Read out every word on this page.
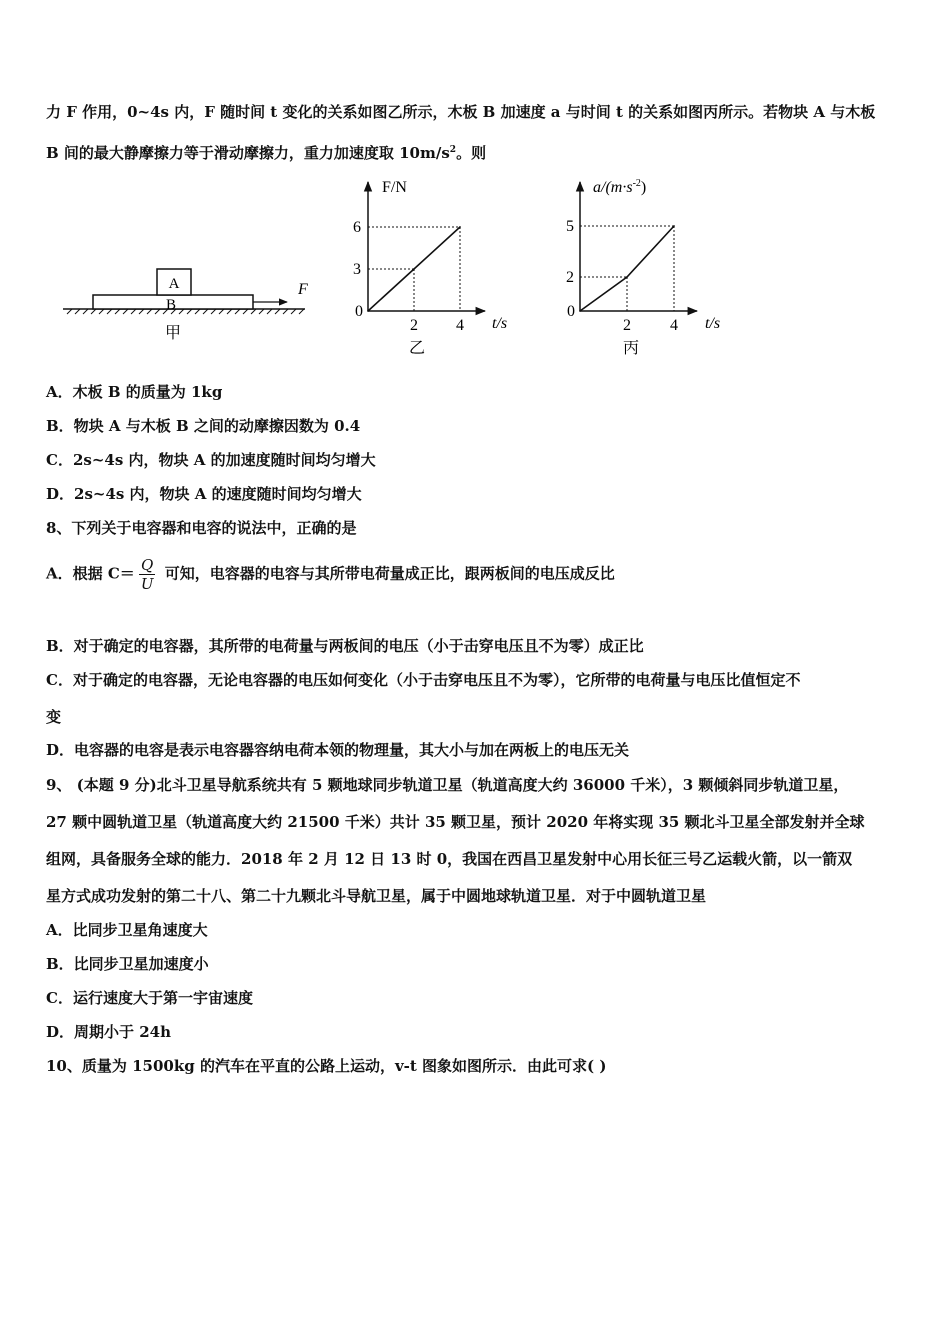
力 F 作用，0~4s 内，F 随时间 t 变化的关系如图乙所示，木板 B 加速度 a 与时间 t 的关系如图丙所示。若物块 A 与木板
B 间的最大静摩擦力等于滑动摩擦力，重力加速度取 $10m/s^2$。则
A
B
F
甲
F/N
t/s
0
3
6
2 4
乙
$a/(m\cdot s^{-2})$
t/s
0
2
5
2 4
丙
A．木板 B 的质量为 1kg
B．物块 A 与木板 B 之间的动摩擦因数为 0.4
C．2s~4s 内，物块 A 的加速度随时间均匀增大
D．2s~4s 内，物块 A 的速度随时间均匀增大
8、下列关于电容器和电容的说法中，正确的是
A．根据 $C= \frac{Q}{U}$ 可知，电容器的电容与其所带电荷量成正比，跟两板间的电压成反比
B．对于确定的电容器，其所带的电荷量与两板间的电压（小于击穿电压且不为零）成正比
C．对于确定的电容器，无论电容器的电压如何变化（小于击穿电压且不为零），它所带的电荷量与电压比值恒定不
变
D．电容器的电容是表示电容器容纳电荷本领的物理量，其大小与加在两板上的电压无关
9、 (本题 9 分)北斗卫星导航系统共有 5 颗地球同步轨道卫星（轨道高度大约 36000 千米），3 颗倾斜同步轨道卫星，
27 颗中圆轨道卫星（轨道高度大约 21500 千米）共计 35 颗卫星，预计 2020 年将实现 35 颗北斗卫星全部发射并全球
组网，具备服务全球的能力．2018 年 2 月 12 日 13 时 0，我国在西昌卫星发射中心用长征三号乙运载火箭，以一箭双
星方式成功发射的第二十八、第二十九颗北斗导航卫星，属于中圆地球轨道卫星．对于中圆轨道卫星
A．比同步卫星角速度大
B．比同步卫星加速度小
C．运行速度大于第一宇宙速度
D．周期小于 24h
10、质量为 1500kg 的汽车在平直的公路上运动，v-t 图象如图所示．由此可求( )
